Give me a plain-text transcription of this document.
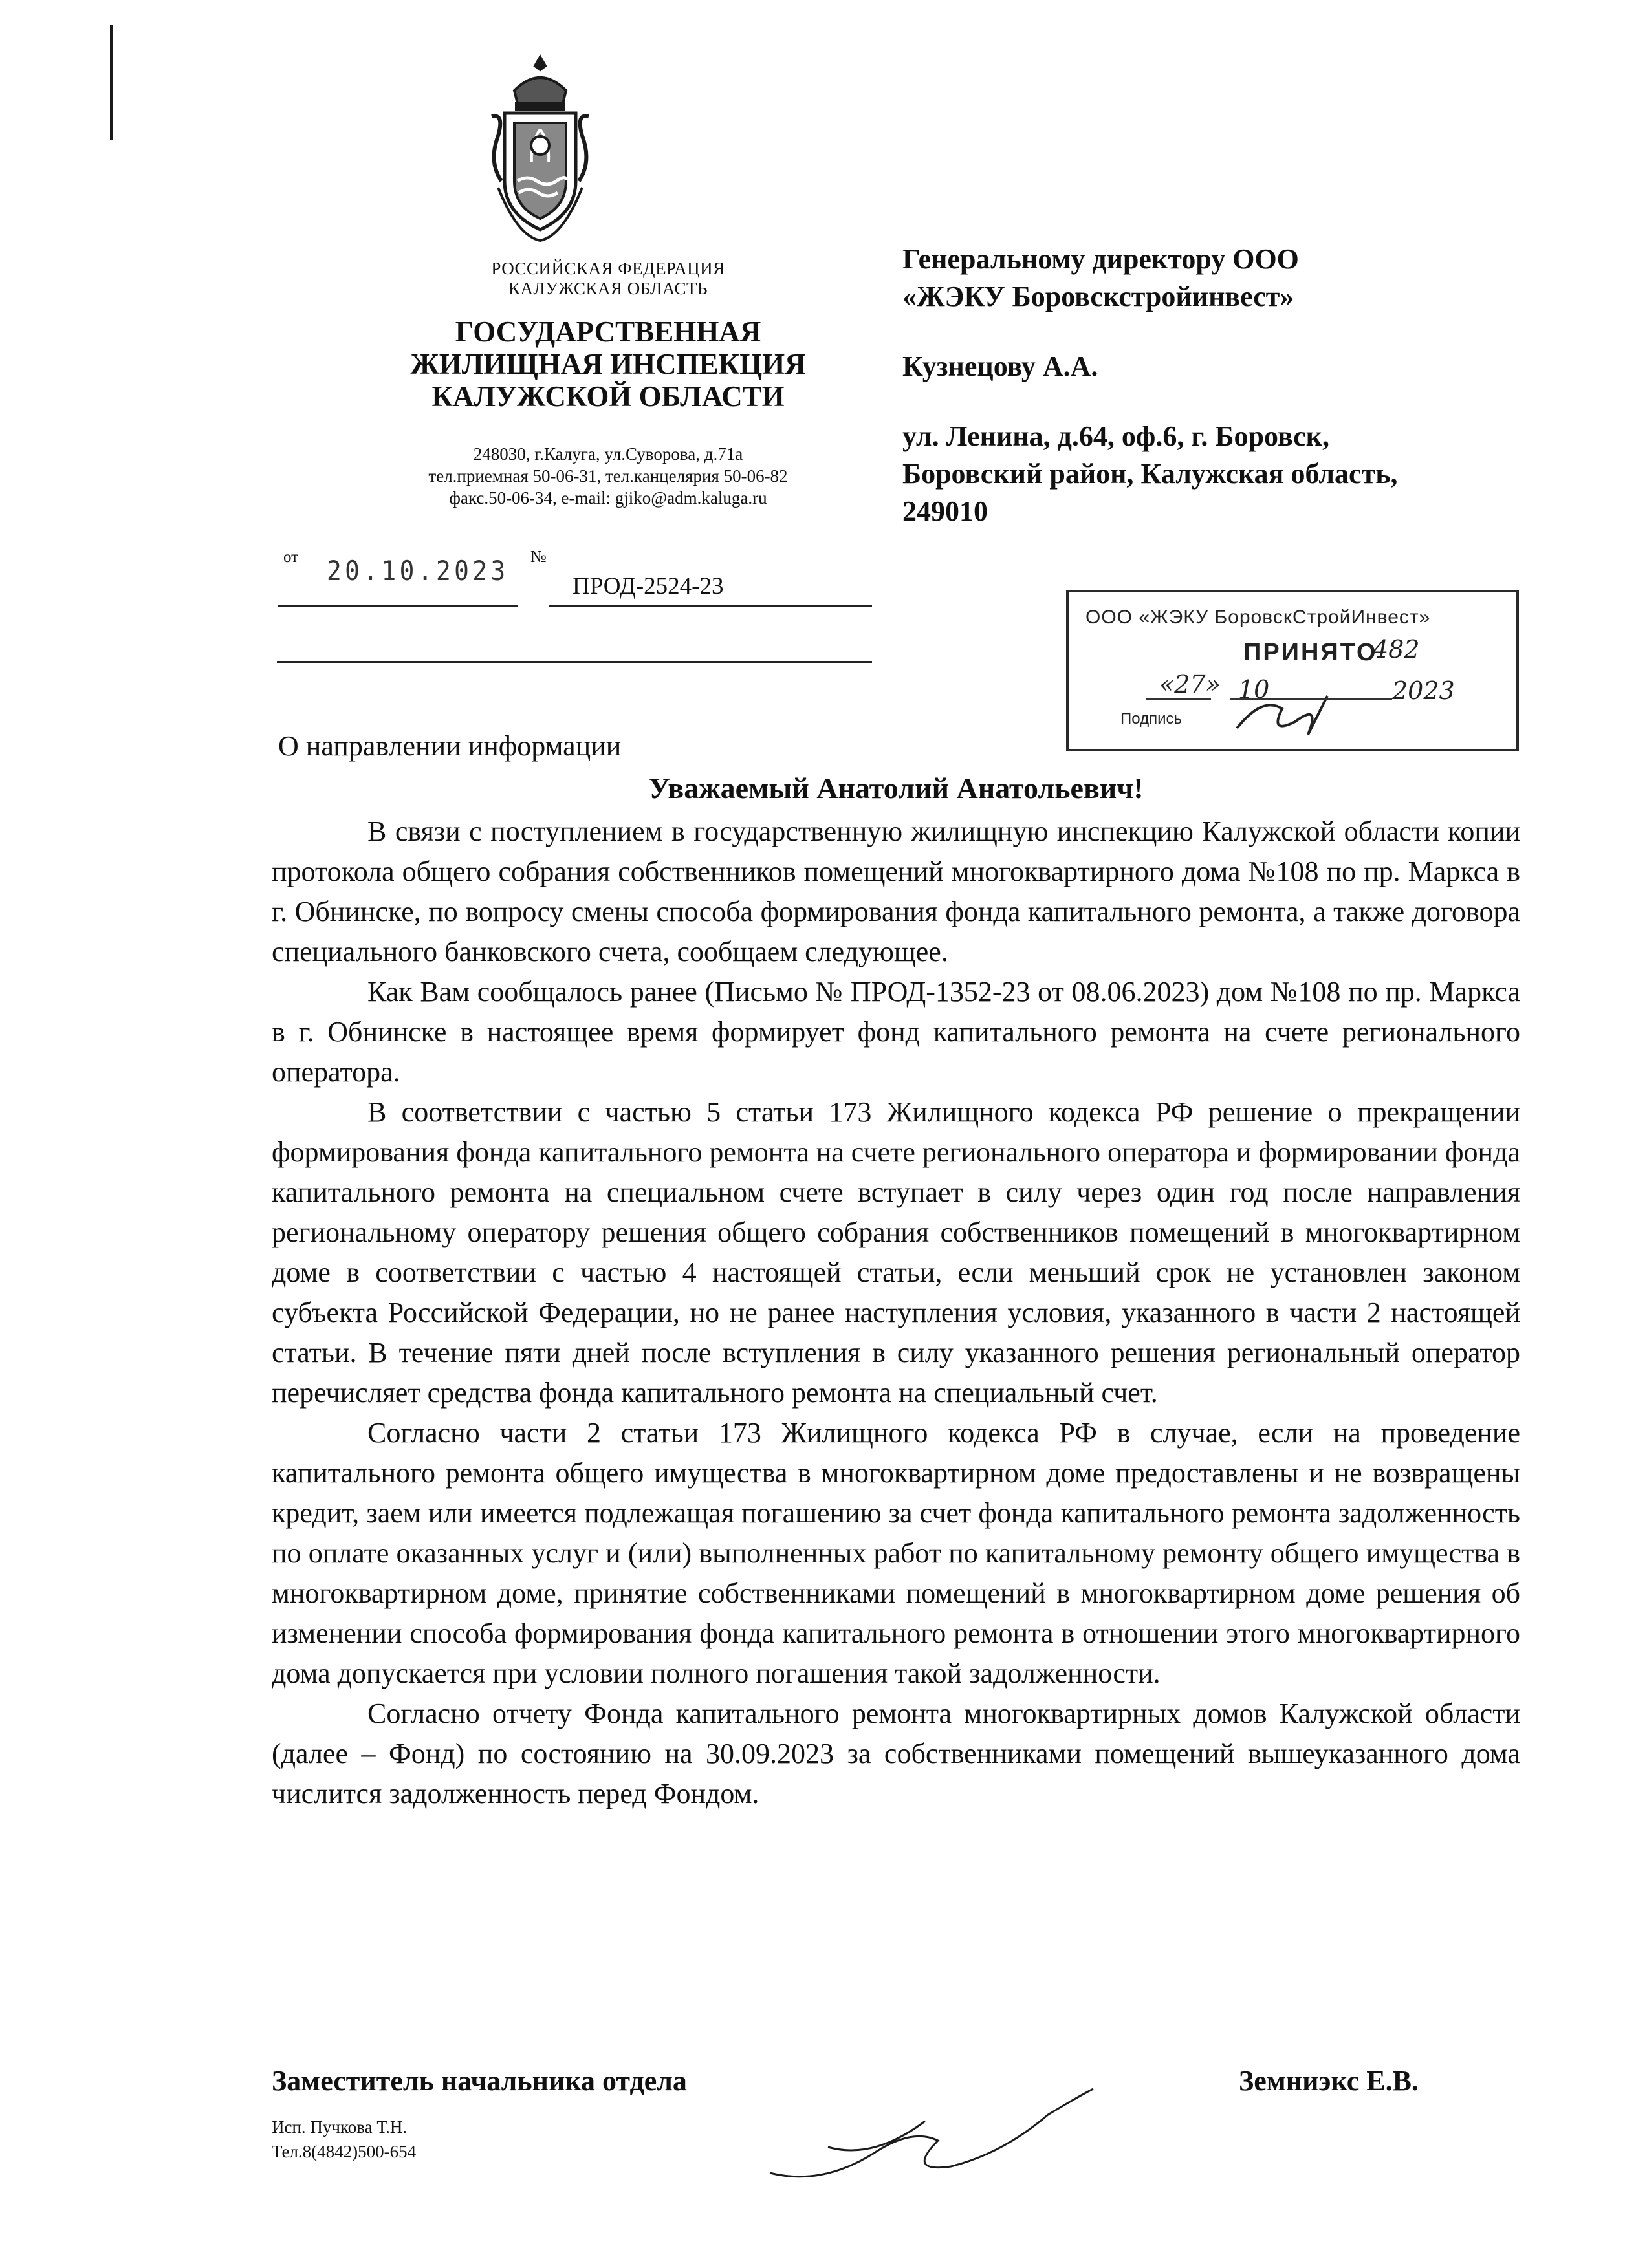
РОССИЙСКАЯ ФЕДЕРАЦИЯ
КАЛУЖСКАЯ ОБЛАСТЬ
ГОСУДАРСТВЕННАЯ
ЖИЛИЩНАЯ ИНСПЕКЦИЯ
КАЛУЖСКОЙ ОБЛАСТИ
248030, г.Калуга, ул.Суворова, д.71а
тел.приемная 50-06-31, тел.канцелярия 50-06-82
факс.50-06-34, e-mail: gjiko@adm.kaluga.ru
от 20.10.2023 №
ПРОД-2524-23
Генеральному директору ООО
«ЖЭКУ Боровскстройинвест»
Кузнецову А.А.
ул. Ленина, д.64, оф.6, г. Боровск,
Боровский район, Калужская область,
249010
ООО «ЖЭКУ БоровскСтройИнвест»
ПРИНЯТО
482
«27» 10	2023
Подпись
О направлении информации
Уважаемый Анатолий Анатольевич!

В связи с поступлением в государственную жилищную инспекцию Калужской области копии протокола общего собрания собственников помещений многоквартирного дома №108 по пр. Маркса в г. Обнинске, по вопросу смены способа формирования фонда капитального ремонта, а также договора специального банковского счета, сообщаем следующее.

Как Вам сообщалось ранее (Письмо № ПРОД-1352-23 от 08.06.2023) дом №108 по пр. Маркса в г. Обнинске в настоящее время формирует фонд капитального ремонта на счете регионального оператора.

В соответствии с частью 5 статьи 173 Жилищного кодекса РФ решение о прекращении формирования фонда капитального ремонта на счете регионального оператора и формировании фонда капитального ремонта на специальном счете вступает в силу через один год после направления региональному оператору решения общего собрания собственников помещений в многоквартирном доме в соответствии с частью 4 настоящей статьи, если меньший срок не установлен законом субъекта Российской Федерации, но не ранее наступления условия, указанного в части 2 настоящей статьи. В течение пяти дней после вступления в силу указанного решения региональный оператор перечисляет средства фонда капитального ремонта на специальный счет.

Согласно части 2 статьи 173 Жилищного кодекса РФ в случае, если на проведение капитального ремонта общего имущества в многоквартирном доме предоставлены и не возвращены кредит, заем или имеется подлежащая погашению за счет фонда капитального ремонта задолженность по оплате оказанных услуг и (или) выполненных работ по капитальному ремонту общего имущества в многоквартирном доме, принятие собственниками помещений в многоквартирном доме решения об изменении способа формирования фонда капитального ремонта в отношении этого многоквартирного дома допускается при условии полного погашения такой задолженности.

Согласно отчету Фонда капитального ремонта многоквартирных домов Калужской области (далее – Фонд) по состоянию на 30.09.2023 за собственниками помещений вышеуказанного дома числится задолженность перед Фондом.

Заместитель начальника отдела	Земниэкс Е.В.
Исп. Пучкова Т.Н.
Тел.8(4842)500-654
